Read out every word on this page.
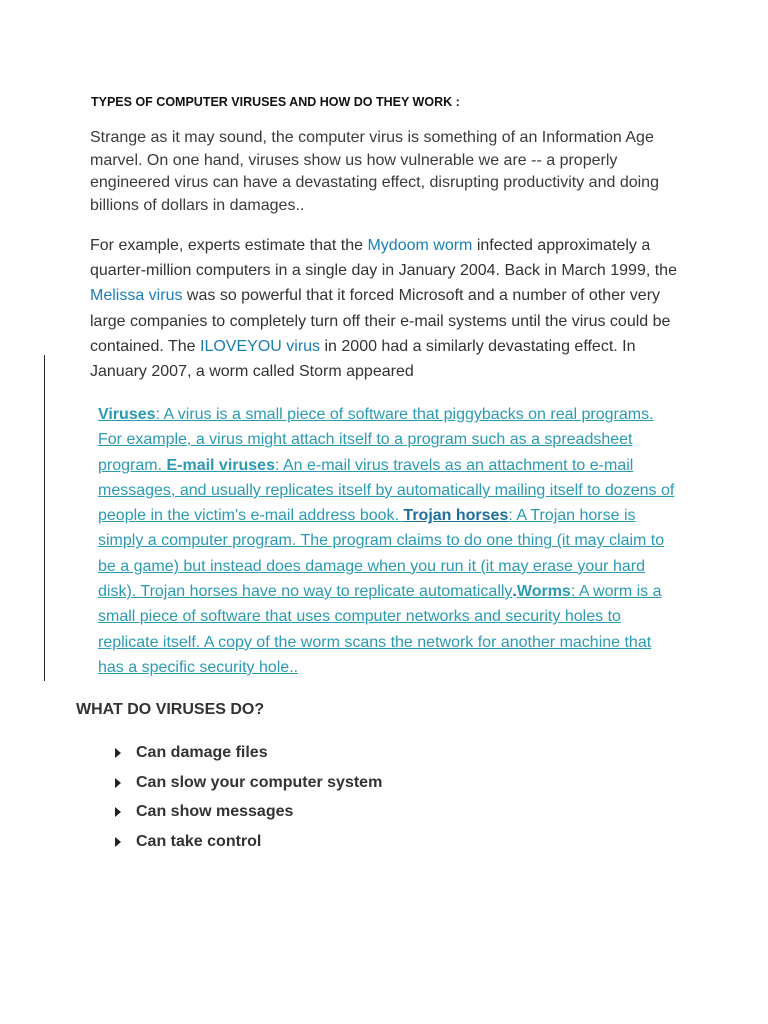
TYPES OF COMPUTER VIRUSES AND HOW DO THEY WORK :

Strange as it may sound, the computer virus is something of an Information Age marvel. On one hand, viruses show us how vulnerable we are -- a properly engineered virus can have a devastating effect, disrupting productivity and doing billions of dollars in damages..

For example, experts estimate that the Mydoom worm infected approximately a quarter-million computers in a single day in January 2004. Back in March 1999, the Melissa virus was so powerful that it forced Microsoft and a number of other very large companies to completely turn off their e-mail systems until the virus could be contained. The ILOVEYOU virus in 2000 had a similarly devastating effect. In January 2007, a worm called Storm appeared

Viruses: A virus is a small piece of software that piggybacks on real programs. For example, a virus might attach itself to a program such as a spreadsheet program. E-mail viruses: An e-mail virus travels as an attachment to e-mail messages, and usually replicates itself by automatically mailing itself to dozens of people in the victim's e-mail address book. Trojan horses: A Trojan horse is simply a computer program. The program claims to do one thing (it may claim to be a game) but instead does damage when you run it (it may erase your hard disk). Trojan horses have no way to replicate automatically.Worms: A worm is a small piece of software that uses computer networks and security holes to replicate itself. A copy of the worm scans the network for another machine that has a specific security hole..

WHAT DO VIRUSES DO?
Can damage files
Can slow your computer system
Can show messages
Can take control
